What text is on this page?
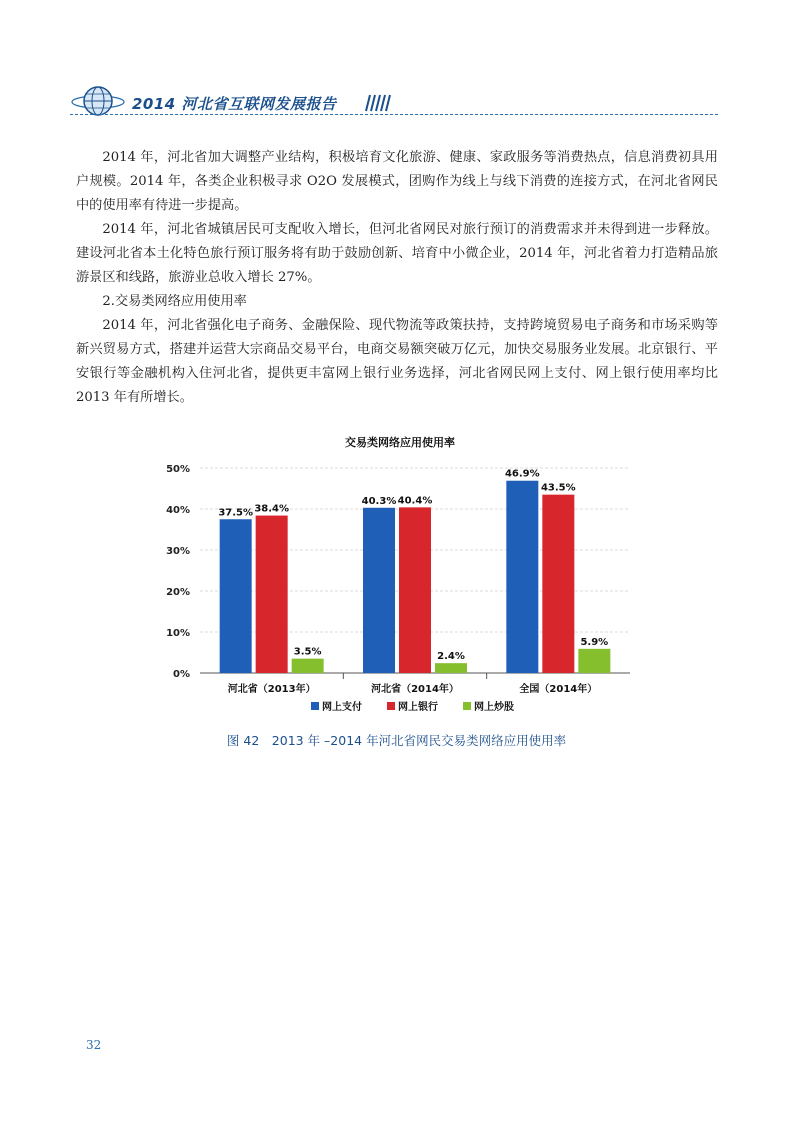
2014 河北省互联网发展报告

2014 年，河北省加大调整产业结构，积极培育文化旅游、健康、家政服务等消费热点，信息消费初具用户规模。2014 年，各类企业积极寻求 O2O 发展模式，团购作为线上与线下消费的连接方式，在河北省网民中的使用率有待进一步提高。

2014 年，河北省城镇居民可支配收入增长，但河北省网民对旅行预订的消费需求并未得到进一步释放。建设河北省本土化特色旅行预订服务将有助于鼓励创新、培育中小微企业，2014 年，河北省着力打造精品旅游景区和线路，旅游业总收入增长 27%。

2.交易类网络应用使用率

2014 年，河北省强化电子商务、金融保险、现代物流等政策扶持，支持跨境贸易电子商务和市场采购等新兴贸易方式，搭建并运营大宗商品交易平台，电商交易额突破万亿元，加快交易服务业发展。北京银行、平安银行等金融机构入住河北省，提供更丰富网上银行业务选择，河北省网民网上支付、网上银行使用率均比 2013 年有所增长。

交易类网络应用使用率
0%
10%
20%
30%
40%
50%
37.5% 38.4%
3.5%
河北省（2013年）
40.3% 40.4%
2.4%
河北省（2014年）
46.9%
43.5%
5.9%
全国（2014年）
网上支付	网上银行	网上炒股
图 42　2013 年 –2014 年河北省网民交易类网络应用使用率
32
